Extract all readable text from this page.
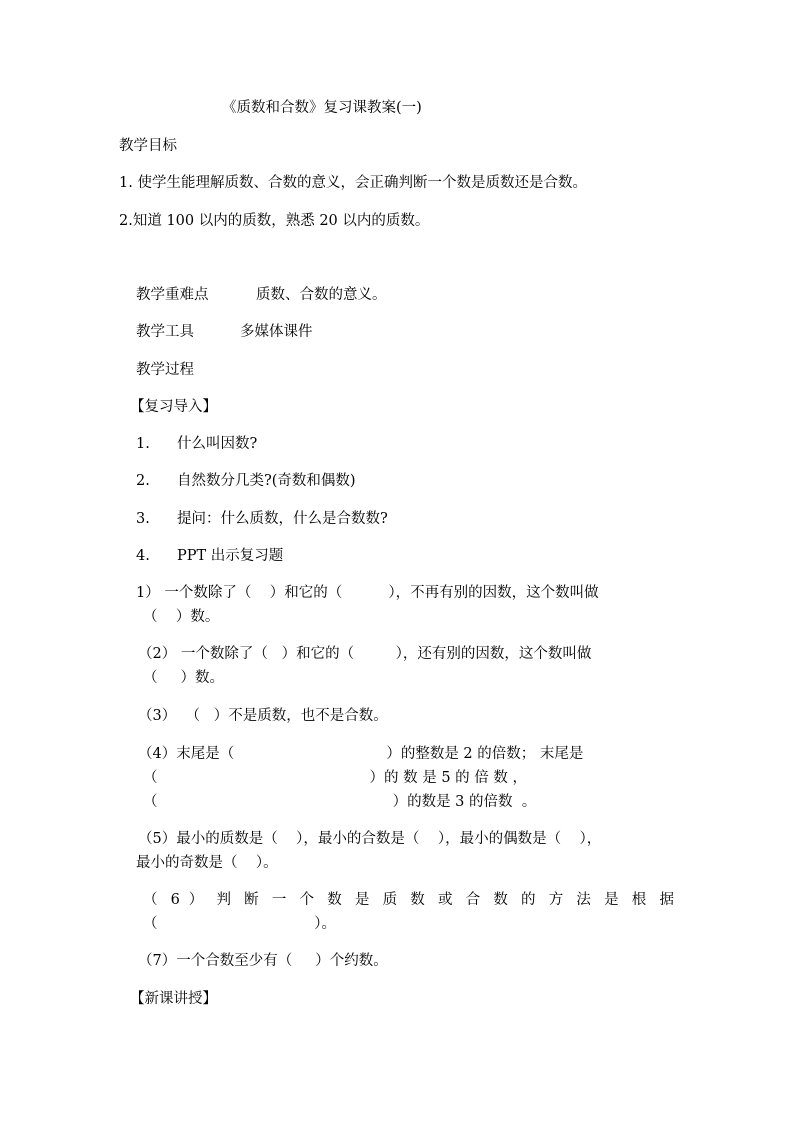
《质数和合数》复习课教案(一)
教学目标
1. 使学生能理解质数、合数的意义，会正确判断一个数是质数还是合数。
2.知道 100 以内的质数，熟悉 20 以内的质数。
教学重难点	质数、合数的意义。
教学工具	多媒体课件
教学过程
【复习导入】
1. 什么叫因数?
2. 自然数分几类?(奇数和偶数)
3. 提问：什么质数，什么是合数数?
4. PPT 出示复习题
1） 一个数除了（    ）和它的（          ），不再有别的因数，这个数叫做
（    ）数。
（2） 一个数除了（   ）和它的（         ），还有别的因数，这个数叫做
（     ）数。
（3）  （   ）不是质数，也不是合数。
（4）末尾是（                                 ）的整数是 2 的倍数； 末尾是
（                                              ）的 数 是 5 的 倍 数 ，
（                                                   ）的数是 3 的倍数  。
（5）最小的质数是（    ），最小的合数是（    ），最小的偶数是（    ），
最小的奇数是（    ）。
（ 6 ） 判 断 一 个 数 是 质 数 或 合 数 的 方 法 是 根 据
（                                  ）。
（7）一个合数至少有（     ）个约数。
【新课讲授】
